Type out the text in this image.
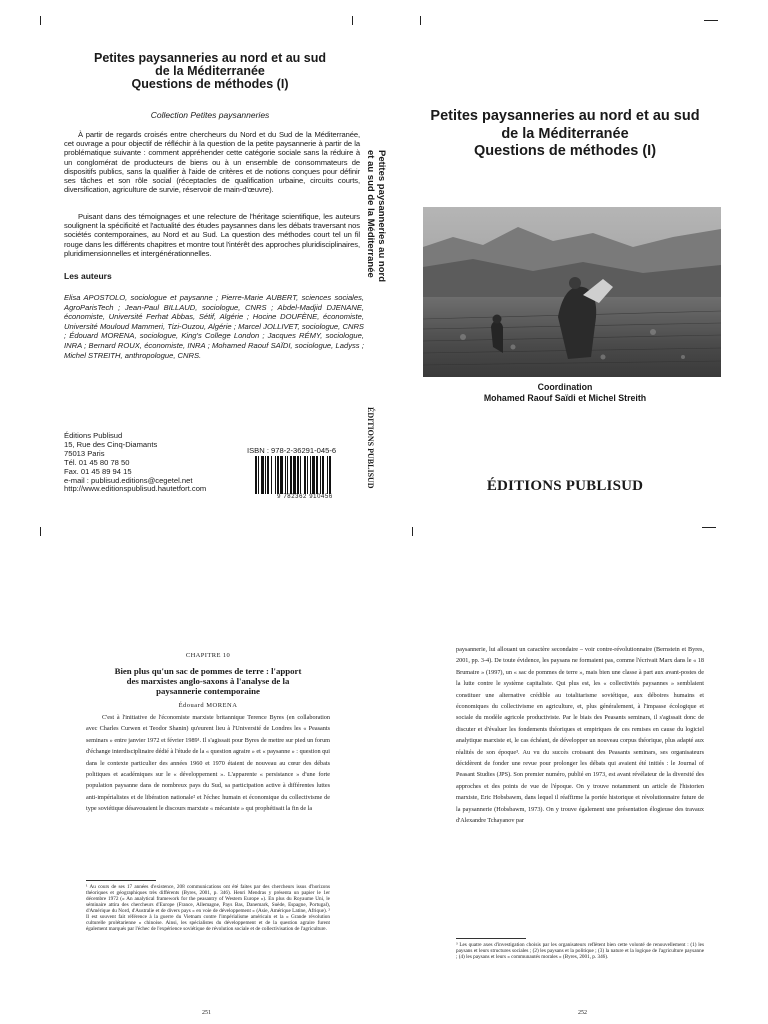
Petites paysanneries au nord et au sud
de la Méditerranée
Questions de méthodes (I)
Collection Petites paysanneries
À partir de regards croisés entre chercheurs du Nord et du Sud de la Méditerranée, cet ouvrage a pour objectif de réfléchir à la question de la petite paysannerie à partir de la problématique suivante : comment appréhender cette catégorie sociale sans la réduire à un conglomérat de producteurs de biens ou à un ensemble de consommateurs de dispositifs publics, sans la qualifier à l'aide de critères et de notions conçues pour définir ses tâches et son rôle social (réceptacles de qualification urbaine, circuits courts, diversification, agriculture de survie, réservoir de main-d'œuvre).
Puisant dans des témoignages et une relecture de l'héritage scientifique, les auteurs soulignent la spécificité et l'actualité des études paysannes dans les débats traversant nos sociétés contemporaines, au Nord et au Sud. La question des méthodes court tel un fil rouge dans les différents chapitres et montre tout l'intérêt des approches pluridisciplinaires, pluridimensionnelles et intergénérationnelles.
Les auteurs
Elisa APOSTOLO, sociologue et paysanne ; Pierre-Marie AUBERT, sciences sociales, AgroParisTech ; Jean-Paul BILLAUD, sociologue, CNRS ; Abdel-Madjid DJENANE, économiste, Université Ferhat Abbas, Sétif, Algérie ; Hocine DOUFÈNE, économiste, Université Mouloud Mammeri, Tizi-Ouzou, Algérie ; Marcel JOLLIVET, sociologue, CNRS ; Édouard MORENA, sociologue, King's College London ; Jacques RÉMY, sociologue, INRA ; Bernard ROUX, économiste, INRA ; Mohamed Raouf SAÏDI, sociologue, Ladyss ; Michel STREITH, anthropologue, CNRS.
Éditions Publisud
15, Rue des Cinq-Diamants
75013 Paris
Tél. 01 45 80 78 50
Fax. 01 45 89 94 15
e-mail : publisud.editions@cegetel.net
http://www.editionspublisud.hautetfort.com
ISBN : 978-2-36291-045-6
9 782362 910456
Petites paysanneries au nord
et au sud de la Méditerranée
ÉDITIONS PUBLISUD
Petites paysanneries au nord et au sud
de la Méditerranée
Questions de méthodes (I)
Coordination
Mohamed Raouf Saïdi et Michel Streith
ÉDITIONS PUBLISUD
CHAPITRE 10
Bien plus qu'un sac de pommes de terre : l'apport
des marxistes anglo-saxons à l'analyse de la
paysannerie contemporaine
Édouard MORENA
C'est à l'initiative de l'économiste marxiste britannique Terence Byres (en collaboration avec Charles Curwen et Teodor Shanin) qu'eurent lieu à l'Université de Londres les « Peasants seminars » entre janvier 1972 et février 1989¹. Il s'agissait pour Byres de mettre sur pied un forum d'échange interdisciplinaire dédié à l'étude de la « question agraire » et « paysanne » : question qui dans le contexte particulier des années 1960 et 1970 étaient de nouveau au cœur des débats politiques et académiques sur le « développement ». L'apparente « persistance » d'une forte population paysanne dans de nombreux pays du Sud, sa participation active à différentes luttes anti-impérialistes et de libération nationale² et l'échec humain et économique du collectivisme de type soviétique désavouaient le discours marxiste « mécaniste » qui prophétisait la fin de la
¹ Au cours de ses 17 années d'existence, 208 communications ont été faites par des chercheurs issus d'horizons théoriques et géographiques très différents (Byres, 2001, p. 346). Henri Mendras y présenta un papier le 1er décembre 1972 (« An analytical framework for the peasantry of Western Europe »). En plus du Royaume Uni, le séminaire attira des chercheurs d'Europe (France, Allemagne, Pays Bas, Danemark, Suède, Espagne, Portugal), d'Amérique du Nord, d'Australie et de divers pays « en voie de développement » (Asie, Amérique Latine, Afrique). ² Il est souvent fait référence à la guerre du Vietnam contre l'impérialisme américain et la « Grande révolution culturelle prolétarienne » chinoise. Ainsi, les spécialistes du développement et de la question agraire furent également marqués par l'échec de l'expérience soviétique de révolution sociale et de collectivisation de l'agriculture.
251
paysannerie, lui allouant un caractère secondaire – voir contre-révolutionnaire (Bernstein et Byres, 2001, pp. 3-4). De toute évidence, les paysans ne formaient pas, comme l'écrivait Marx dans le « 18 Brumaire » (1997), un « sac de pommes de terre », mais bien une classe à part aux avant-postes de la lutte contre le système capitaliste. Qui plus est, les « collectivités paysannes » semblaient constituer une alternative crédible au totalitarisme soviétique, aux déboires humains et économiques du collectivisme en agriculture, et, plus généralement, à l'impasse écologique et sociale du modèle agricole productiviste. Par le biais des Peasants seminars, il s'agissait donc de discuter et d'évaluer les fondements théoriques et empiriques de ces remises en cause du logiciel analytique marxiste et, le cas échéant, de développer un nouveau corpus théorique, plus adapté aux réalités de son époque³. Au vu du succès croissant des Peasants seminars, ses organisateurs décidèrent de fonder une revue pour prolonger les débats qui avaient été initiés : le Journal of Peasant Studies (JPS). Son premier numéro, publié en 1973, est avant révélateur de la diversité des approches et des points de vue de l'époque. On y trouve notamment un article de l'historien marxiste, Eric Hobsbawm, dans lequel il réaffirme la portée historique et révolutionnaire future de la paysannerie (Hobsbawm, 1973). On y trouve également une présentation élogieuse des travaux d'Alexandre Tchayanov par
³ Les quatre axes d'investigation choisis par les organisateurs reflètent bien cette volonté de renouvellement : (1) les paysans et leurs structures sociales ; (2) les paysans et la politique ; (3) la nature et la logique de l'agriculture paysanne ; (4) les paysans et leurs « communautés morales » (Byres, 2001, p. 346).
252
